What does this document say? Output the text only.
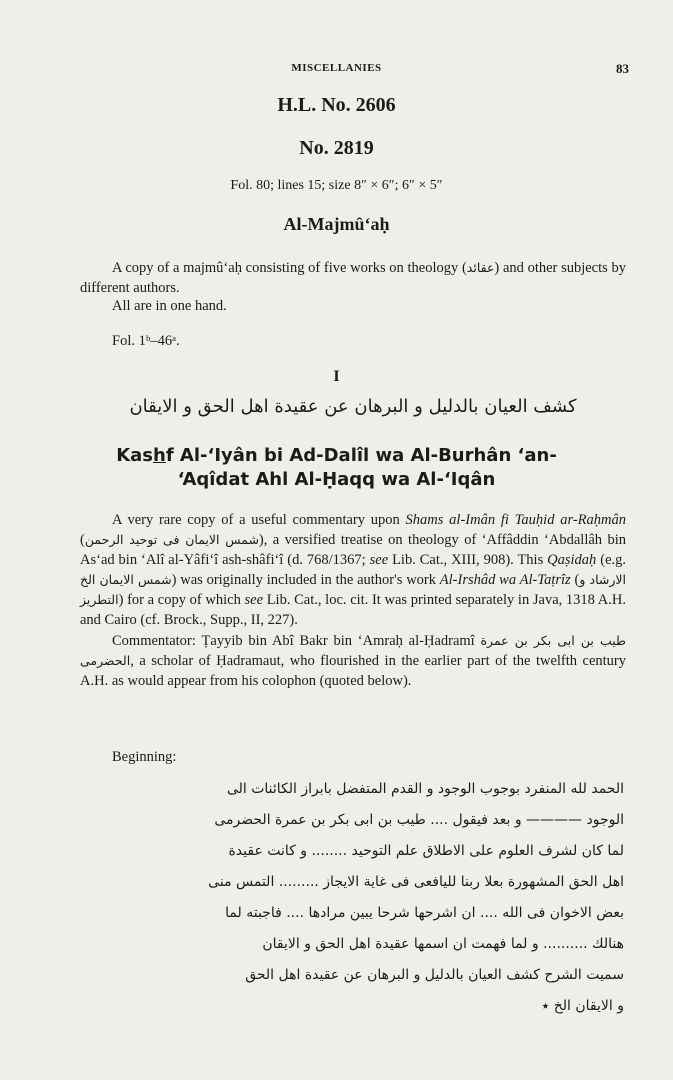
MISCELLANIES	83
H.L. No. 2606
No. 2819
Fol. 80; lines 15; size 8″ × 6″; 6″ × 5″
Al-Majmû‘aḥ
A copy of a majmû‘aḥ consisting of five works on theology (عقائد) and other subjects by different authors.
All are in one hand.
Fol. 1ᵇ–46ᵃ.
I
كشف العيان بالدليل و البرهان عن عقيدة اهل الحق و الايقان
Kashf Al-‘Iyân bi Ad-Dalîl wa Al-Burhân ‘an-
‘Aqîdat Ahl Al-Ḥaqq wa Al-‘Iqân
A very rare copy of a useful commentary upon Shams al-Imân fi Tauḥid ar-Raḥmân (شمس الايمان فى توحيد الرحمن), a versified treatise on theology of ‘Affâddin ‘Abdallâh bin As‘ad bin ‘Alî al-Yâfi‘î ash-shâfi‘î (d. 768/1367; see Lib. Cat., XIII, 908). This Qaṣidaḥ (e.g. شمس الايمان الخ) was originally included in the author's work Al-Irshâd wa Al-Taṭrîz (الارشاد و التطريز) for a copy of which see Lib. Cat., loc. cit. It was printed separately in Java, 1318 A.H. and Cairo (cf. Brock., Supp., II, 227).
Commentator: Ṭayyib bin Abî Bakr bin ‘Amraḥ al-Ḥadramî طيب بن ابى بكر بن عمرة الحضرمى, a scholar of Ḥadramaut, who flourished in the earlier part of the twelfth century A.H. as would appear from his colophon (quoted below).
Beginning:
الحمد لله المنفرد بوجوب الوجود و القدم المتفضل بابراز الكائنات الى
الوجود ———— و بعد فيقول .... طيب بن ابى بكر بن عمرة الحضرمى
لما كان لشرف العلوم على الاطلاق علم التوحيد ........ و كانت عقيدة
اهل الحق المشهورة بعلا ربنا لليافعى فى غاية الايجاز ......... التمس منى
بعض الاخوان فى الله .... ان اشرحها شرحا يبين مرادها .... فاجبته لما
هنالك .......... و لما فهمت ان اسمها عقيدة اهل الحق و الايقان
سميت الشرح كشف العيان بالدليل و البرهان عن عقيدة اهل الحق
و الايقان الخ ٭
